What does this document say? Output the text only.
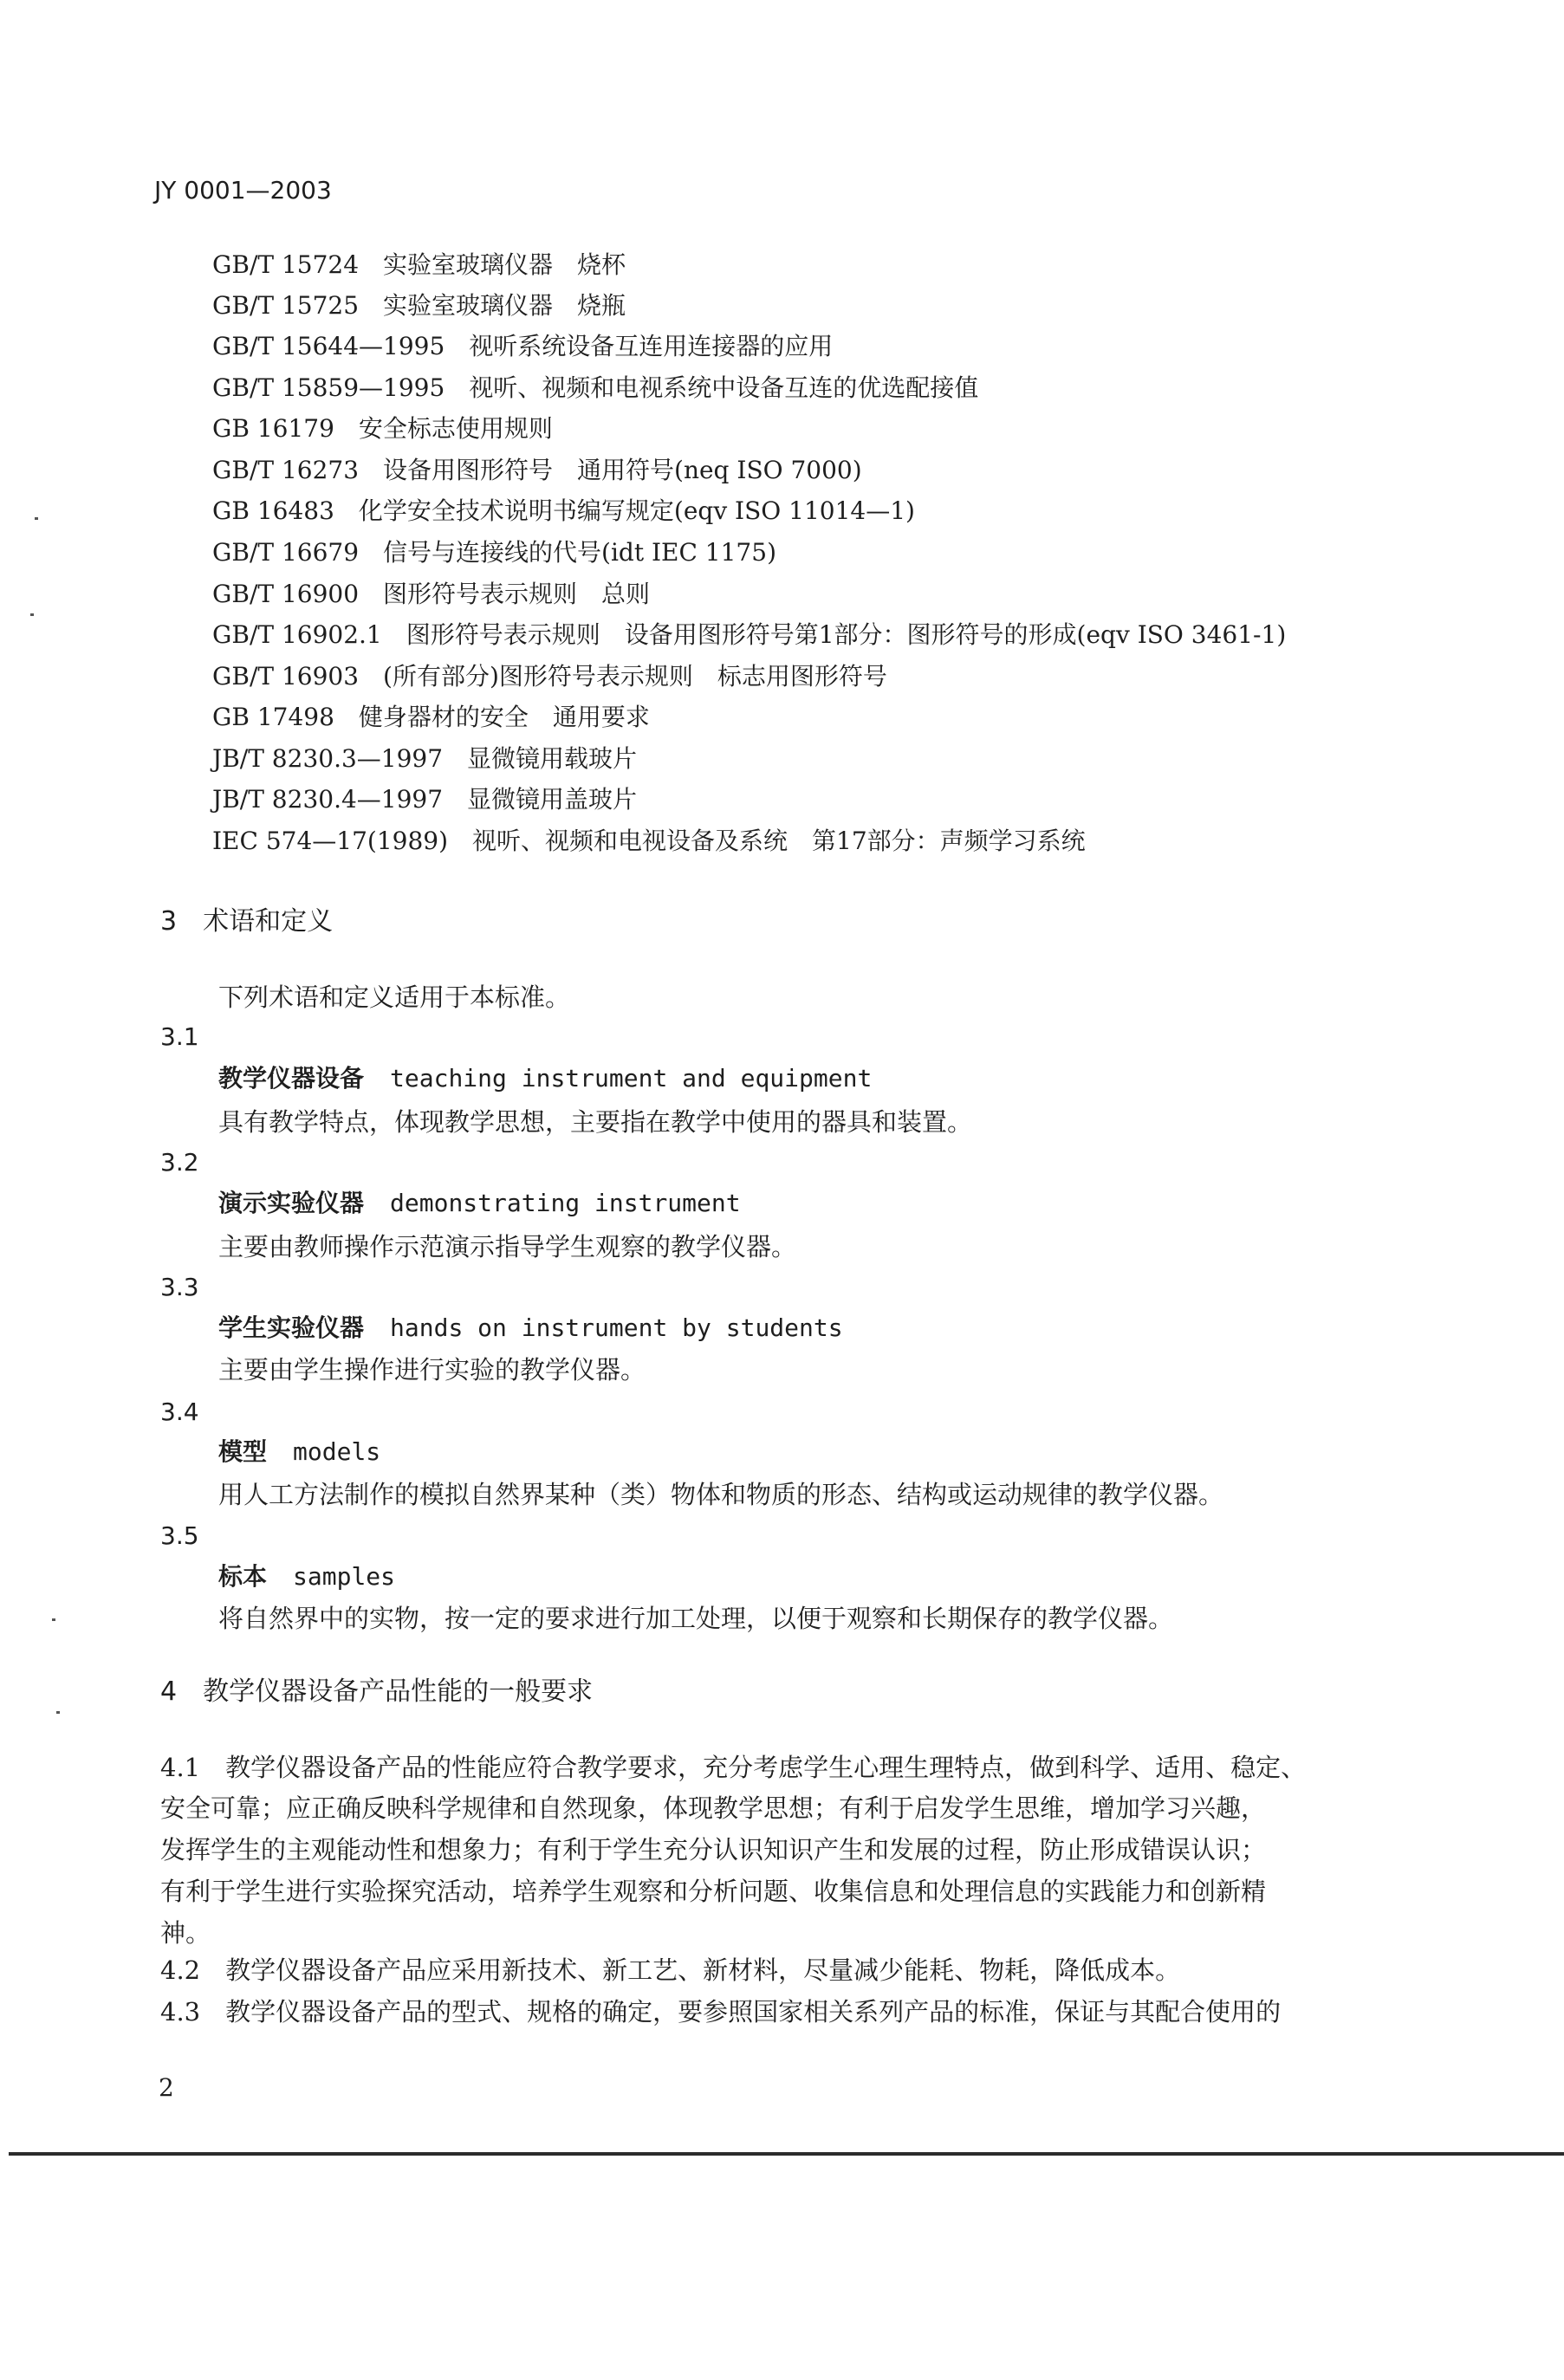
JY 0001—2003
GB/T 15724　实验室玻璃仪器　烧杯
GB/T 15725　实验室玻璃仪器　烧瓶
GB/T 15644—1995　视听系统设备互连用连接器的应用
GB/T 15859—1995　视听、视频和电视系统中设备互连的优选配接值
GB 16179　安全标志使用规则
GB/T 16273　设备用图形符号　通用符号(neq ISO 7000)
GB 16483　化学安全技术说明书编写规定(eqv ISO 11014—1)
GB/T 16679　信号与连接线的代号(idt IEC 1175)
GB/T 16900　图形符号表示规则　总则
GB/T 16902.1　图形符号表示规则　设备用图形符号第1部分：图形符号的形成(eqv ISO 3461-1)
GB/T 16903　(所有部分)图形符号表示规则　标志用图形符号
GB 17498　健身器材的安全　通用要求
JB/T 8230.3—1997　显微镜用载玻片
JB/T 8230.4—1997　显微镜用盖玻片
IEC 574—17(1989)　视听、视频和电视设备及系统　第17部分：声频学习系统
3　术语和定义
下列术语和定义适用于本标准。
3.1
教学仪器设备 teaching instrument and equipment
具有教学特点，体现教学思想，主要指在教学中使用的器具和装置。
3.2
演示实验仪器 demonstrating instrument
主要由教师操作示范演示指导学生观察的教学仪器。
3.3
学生实验仪器 hands on instrument by students
主要由学生操作进行实验的教学仪器。
3.4
模型 models
用人工方法制作的模拟自然界某种（类）物体和物质的形态、结构或运动规律的教学仪器。
3.5
标本 samples
将自然界中的实物，按一定的要求进行加工处理，以便于观察和长期保存的教学仪器。
4　教学仪器设备产品性能的一般要求
4.1　教学仪器设备产品的性能应符合教学要求，充分考虑学生心理生理特点，做到科学、适用、稳定、
安全可靠；应正确反映科学规律和自然现象，体现教学思想；有利于启发学生思维，增加学习兴趣，
发挥学生的主观能动性和想象力；有利于学生充分认识知识产生和发展的过程，防止形成错误认识；
有利于学生进行实验探究活动，培养学生观察和分析问题、收集信息和处理信息的实践能力和创新精
神。
4.2　教学仪器设备产品应采用新技术、新工艺、新材料，尽量减少能耗、物耗，降低成本。
4.3　教学仪器设备产品的型式、规格的确定，要参照国家相关系列产品的标准，保证与其配合使用的
2
